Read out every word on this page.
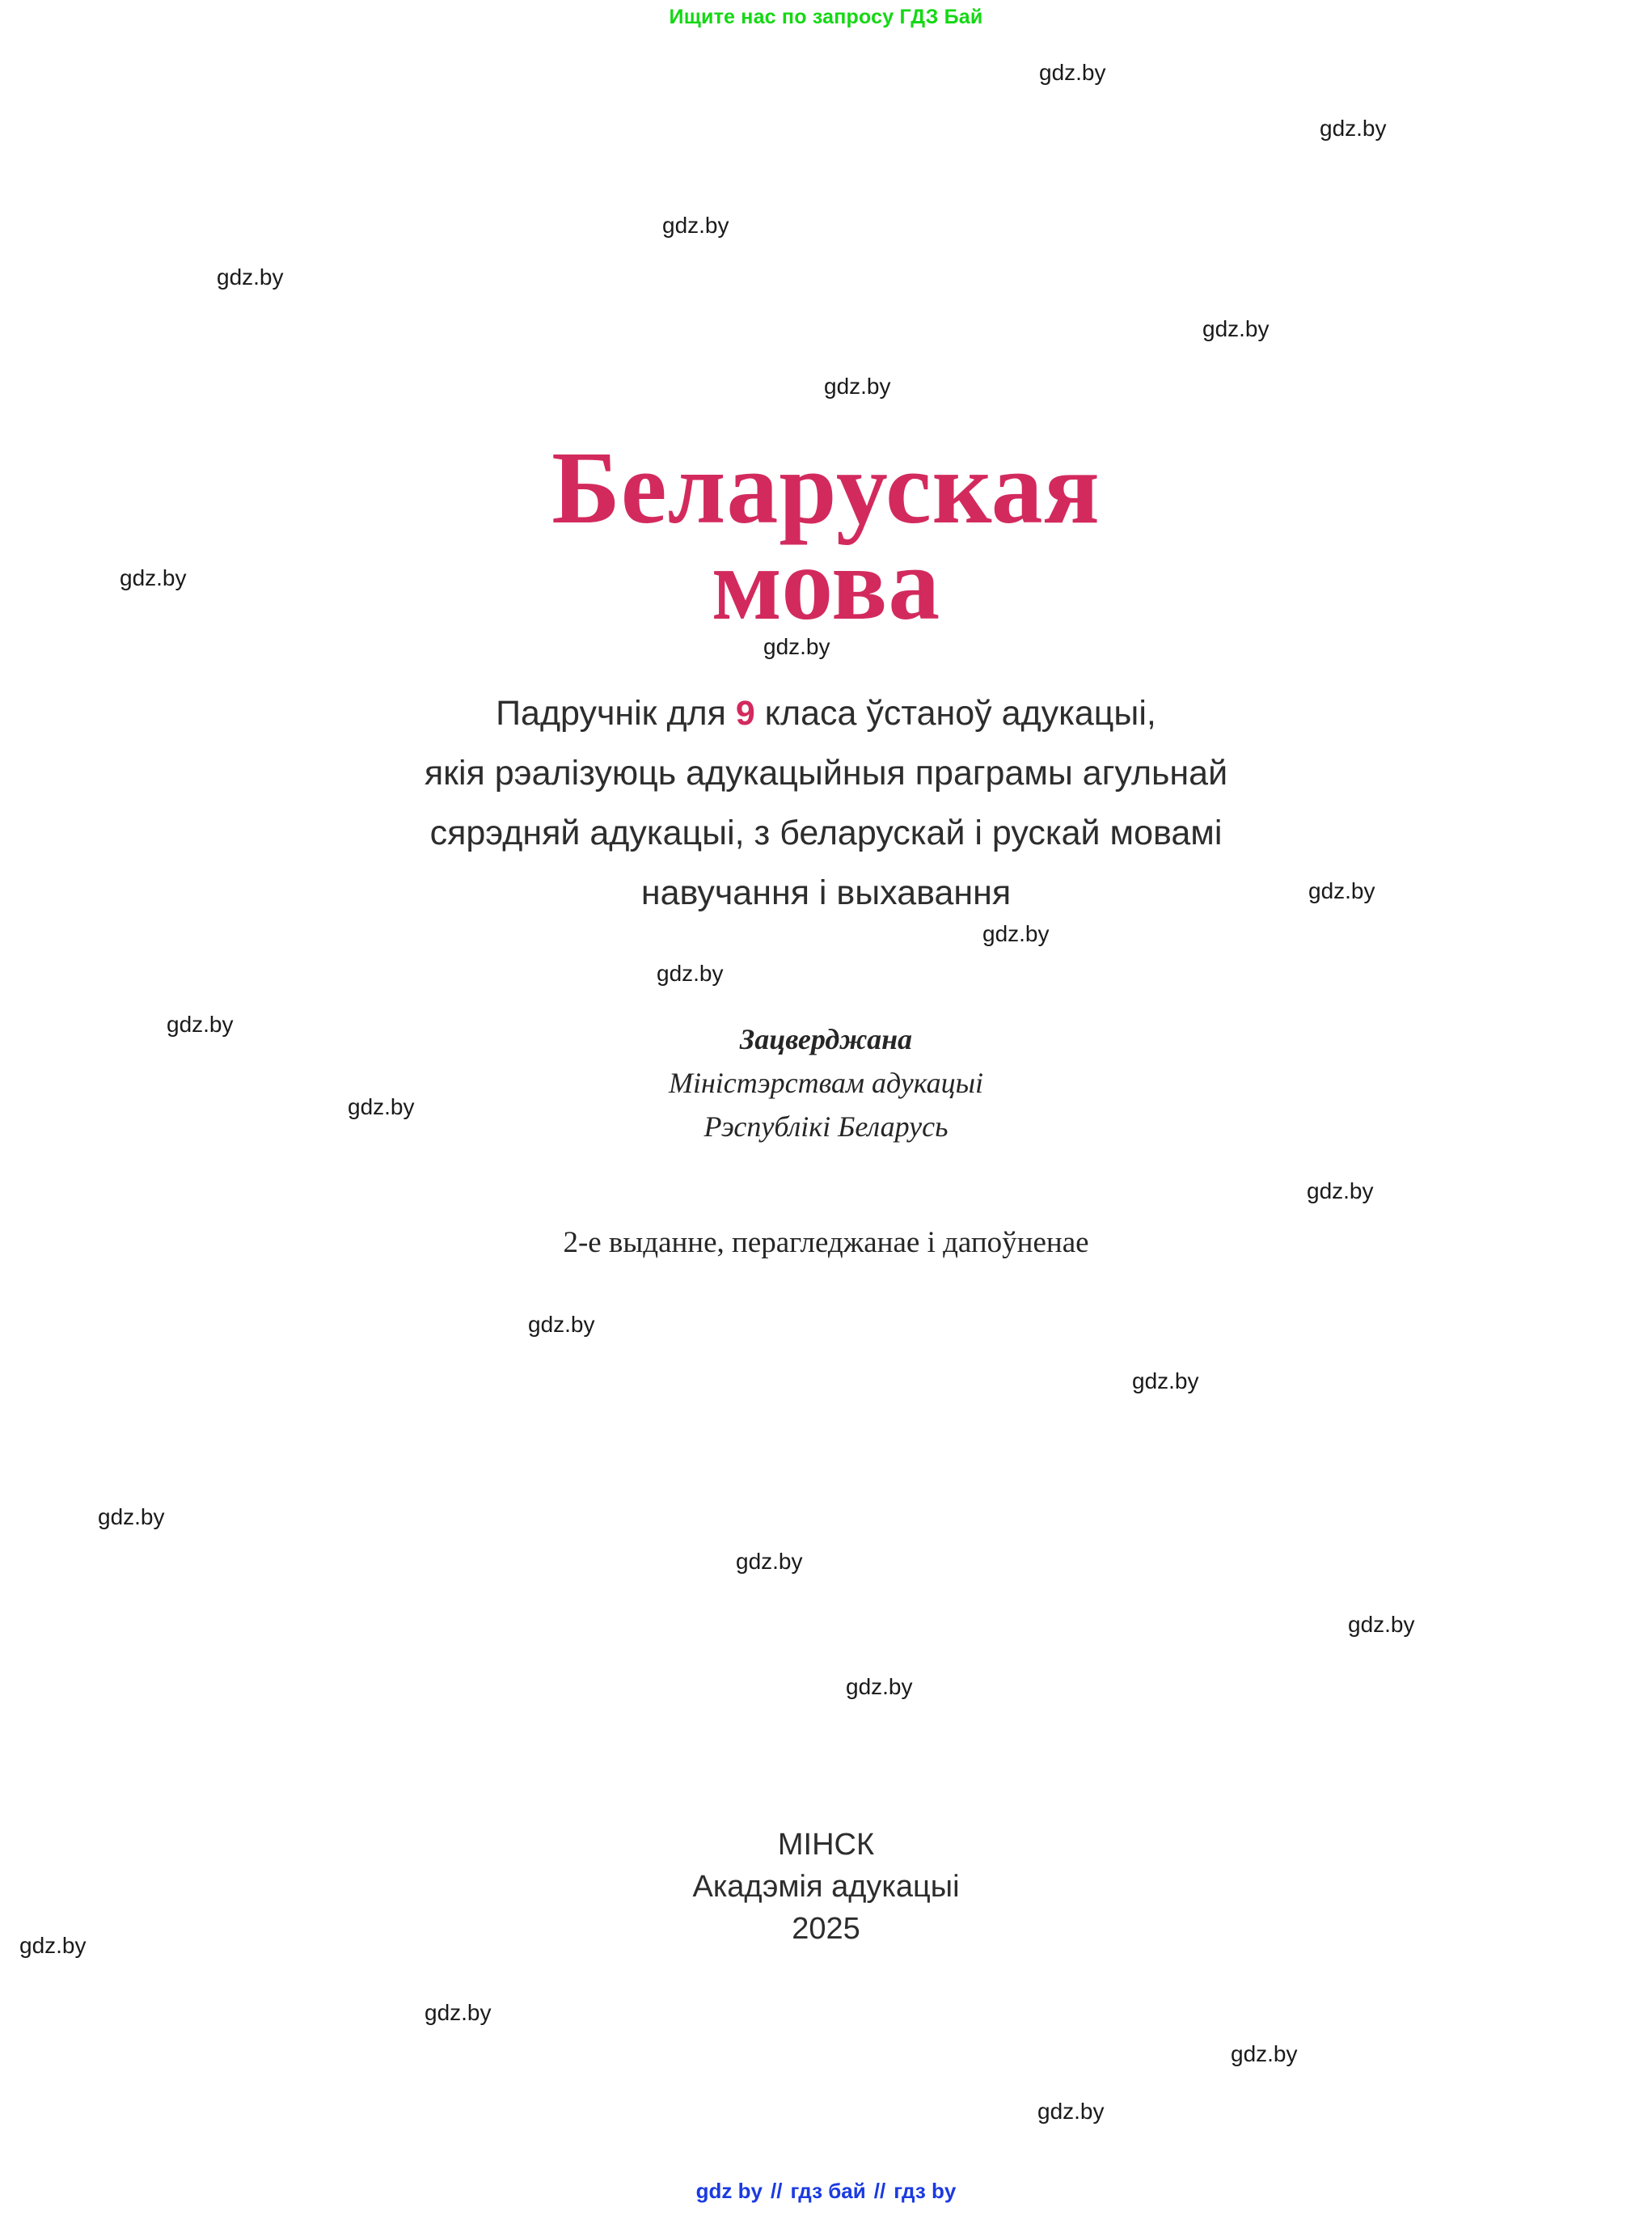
Ищите нас по запросу ГДЗ Бай
Беларуская
мова
Падручнік для 9 класа ўстаноў адукацыі,
якія рэалізуюць адукацыйныя праграмы агульнай
сярэдняй адукацыі, з беларускай і рускай мовамі
навучання і выхавання
Зацверджана
Міністэрствам адукацыі
Рэспублікі Беларусь
2-е выданне, перагледжанае і дапоўненае
МІНСК
Акадэмія адукацыі
2025
gdz.by
gdz.by
gdz.by
gdz.by
gdz.by
gdz.by
gdz.by
gdz.by
gdz.by
gdz.by
gdz.by
gdz.by
gdz.by
gdz.by
gdz.by
gdz.by
gdz.by
gdz.by
gdz.by
gdz.by
gdz.by
gdz.by
gdz.by
gdz.by
gdz by // гдз бай // гдз by
